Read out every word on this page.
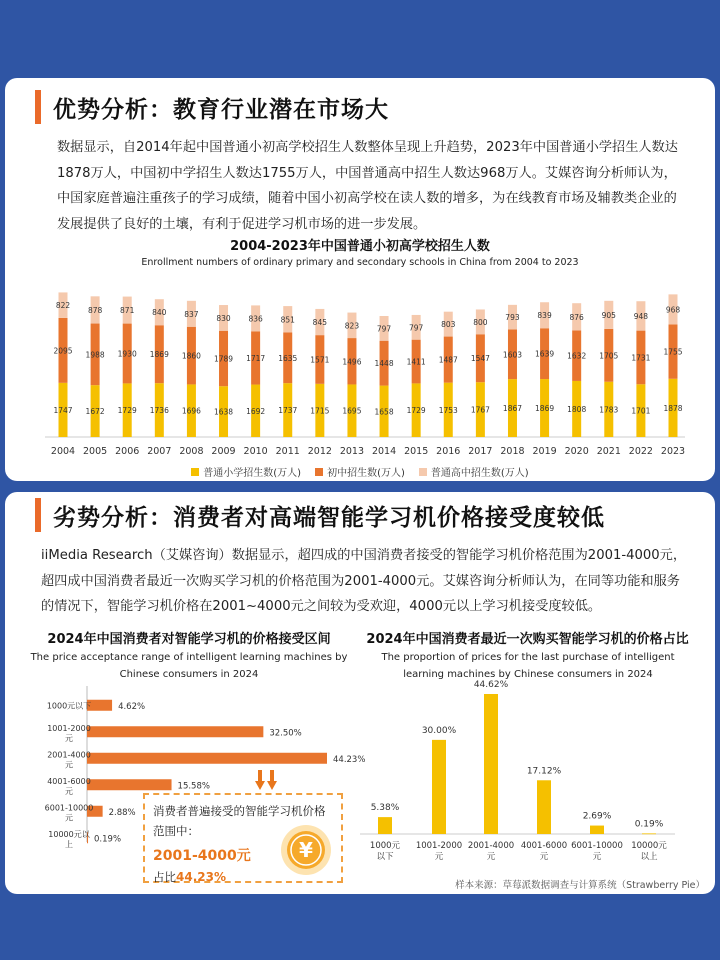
优势分析：教育行业潜在市场大
数据显示，自2014年起中国普通小初高学校招生人数整体呈现上升趋势，2023年中国普通小学招生人数达1878万人，中国初中学招生人数达1755万人，中国普通高中招生人数达968万人。艾媒咨询分析师认为，中国家庭普遍注重孩子的学习成绩，随着中国小初高学校在读人数的增多，为在线教育市场及辅教类企业的发展提供了良好的土壤，有利于促进学习机市场的进一步发展。
2004-2023年中国普通小初高学校招生人数
Enrollment numbers of ordinary primary and secondary schools in China from 2004 to 2023
1747
2095
822
2004
1672
1988
878
2005
1729
1930
871
2006
1736
1869
840
2007
1696
1860
837
2008
1638
1789
830
2009
1692
1717
836
2010
1737
1635
851
2011
1715
1571
845
2012
1695
1496
823
2013
1658
1448
797
2014
1729
1411
797
2015
1753
1487
803
2016
1767
1547
800
2017
1867
1603
793
2018
1869
1639
839
2019
1808
1632
876
2020
1783
1705
905
2021
1701
1731
948
2022
1878
1755
968
2023
普通小学招生数(万人)	初中招生数(万人)	普通高中招生数(万人)
劣势分析：消费者对高端智能学习机价格接受度较低
iiMedia Research（艾媒咨询）数据显示，超四成的中国消费者接受的智能学习机价格范围为2001-4000元，超四成中国消费者最近一次购买学习机的价格范围为2001-4000元。艾媒咨询分析师认为，在同等功能和服务的情况下，智能学习机价格在2001~4000元之间较为受欢迎，4000元以上学习机接受度较低。
2024年中国消费者对智能学习机的价格接受区间
The price acceptance range of intelligent learning machines by Chinese consumers in 2024
2024年中国消费者最近一次购买智能学习机的价格占比
The proportion of prices for the last purchase of intelligent learning machines by Chinese consumers in 2024
4.62%
1000元以下
32.50%
1001-2000 元
44.23%
2001-4000 元
15.58%
4001-6000 元
2.88%
6001-10000 元
0.19%
10000元以上
消费者普遍接受的智能学习机价格
范围中：
2001-4000元
占比44.23%
¥
5.38%
1000元以下
30.00%
1001-2000 元
44.62%
2001-4000 元
17.12%
4001-6000 元
2.69%
6001-10000 元
0.19%
10000元以上
样本来源：草莓派数据调查与计算系统（Strawberry Pie）
